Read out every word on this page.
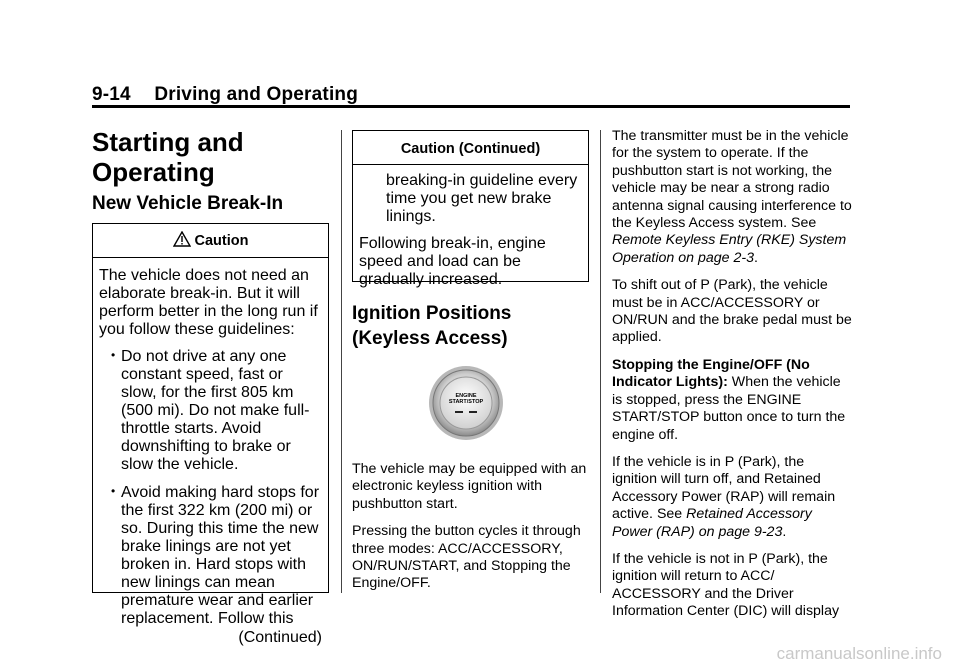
9-14 Driving and Operating
Starting and Operating
New Vehicle Break-In
Caution

The vehicle does not need an elaborate break-in. But it will perform better in the long run if you follow these guidelines:

• Do not drive at any one constant speed, fast or slow, for the first 805 km (500 mi). Do not make full-throttle starts. Avoid downshifting to brake or slow the vehicle.
• Avoid making hard stops for the first 322 km (200 mi) or so. During this time the new brake linings are not yet broken in. Hard stops with new linings can mean premature wear and earlier replacement. Follow this
(Continued)
Caution (Continued)

breaking-in guideline every time you get new brake linings.

Following break-in, engine speed and load can be gradually increased.

Ignition Positions (Keyless Access)
ENGINE
START/STOP

The vehicle may be equipped with an electronic keyless ignition with pushbutton start.

Pressing the button cycles it through three modes: ACC/ACCESSORY, ON/RUN/START, and Stopping the Engine/OFF.

The transmitter must be in the vehicle for the system to operate. If the pushbutton start is not working, the vehicle may be near a strong radio antenna signal causing interference to the Keyless Access system. See Remote Keyless Entry (RKE) System Operation on page 2-3.

To shift out of P (Park), the vehicle must be in ACC/ACCESSORY or ON/RUN and the brake pedal must be applied.

Stopping the Engine/OFF (No Indicator Lights): When the vehicle is stopped, press the ENGINE START/STOP button once to turn the engine off.

If the vehicle is in P (Park), the ignition will turn off, and Retained Accessory Power (RAP) will remain active. See Retained Accessory Power (RAP) on page 9-23.

If the vehicle is not in P (Park), the ignition will return to ACC/ ACCESSORY and the Driver Information Center (DIC) will display

carmanualsonline.info
